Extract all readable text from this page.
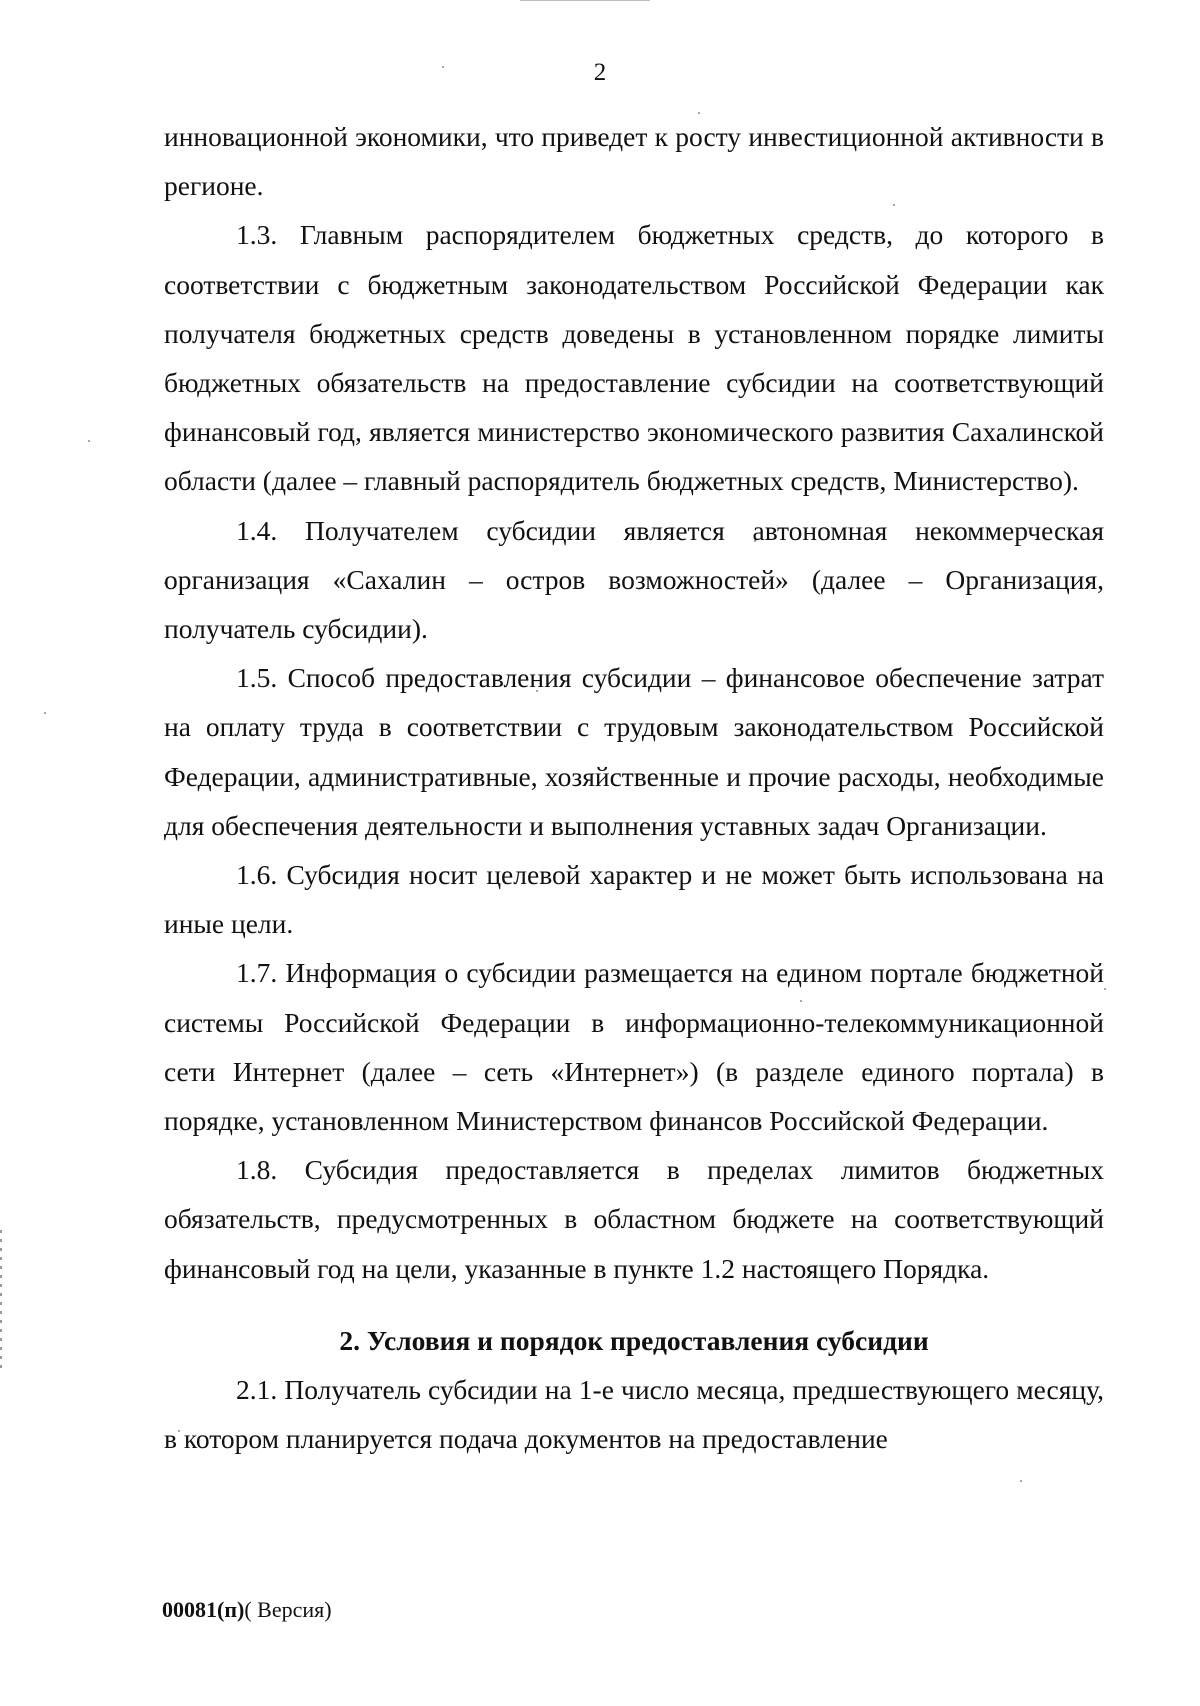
2

инновационной экономики, что приведет к росту инвестиционной активности в регионе.

1.3. Главным распорядителем бюджетных средств, до которого в соответствии с бюджетным законодательством Российской Федерации как получателя бюджетных средств доведены в установленном порядке лимиты бюджетных обязательств на предоставление субсидии на соответствующий финансовый год, является министерство экономического развития Сахалинской области (далее – главный распорядитель бюджетных средств, Министерство).

1.4. Получателем субсидии является автономная некоммерческая организация «Сахалин – остров возможностей» (далее – Организация, получатель субсидии).

1.5. Способ предоставления субсидии – финансовое обеспечение затрат на оплату труда в соответствии с трудовым законодательством Российской Федерации, административные, хозяйственные и прочие расходы, необходимые для обеспечения деятельности и выполнения уставных задач Организации.

1.6. Субсидия носит целевой характер и не может быть использована на иные цели.

1.7. Информация о субсидии размещается на едином портале бюджетной системы Российской Федерации в информационно-телекоммуникационной сети Интернет (далее – сеть «Интернет») (в разделе единого портала) в порядке, установленном Министерством финансов Российской Федерации.

1.8. Субсидия предоставляется в пределах лимитов бюджетных обязательств, предусмотренных в областном бюджете на соответствующий финансовый год на цели, указанные в пункте 1.2 настоящего Порядка.

2. Условия и порядок предоставления субсидии

2.1. Получатель субсидии на 1-е число месяца, предшествующего месяцу, в котором планируется подача документов на предоставление

00081(п)( Версия)
